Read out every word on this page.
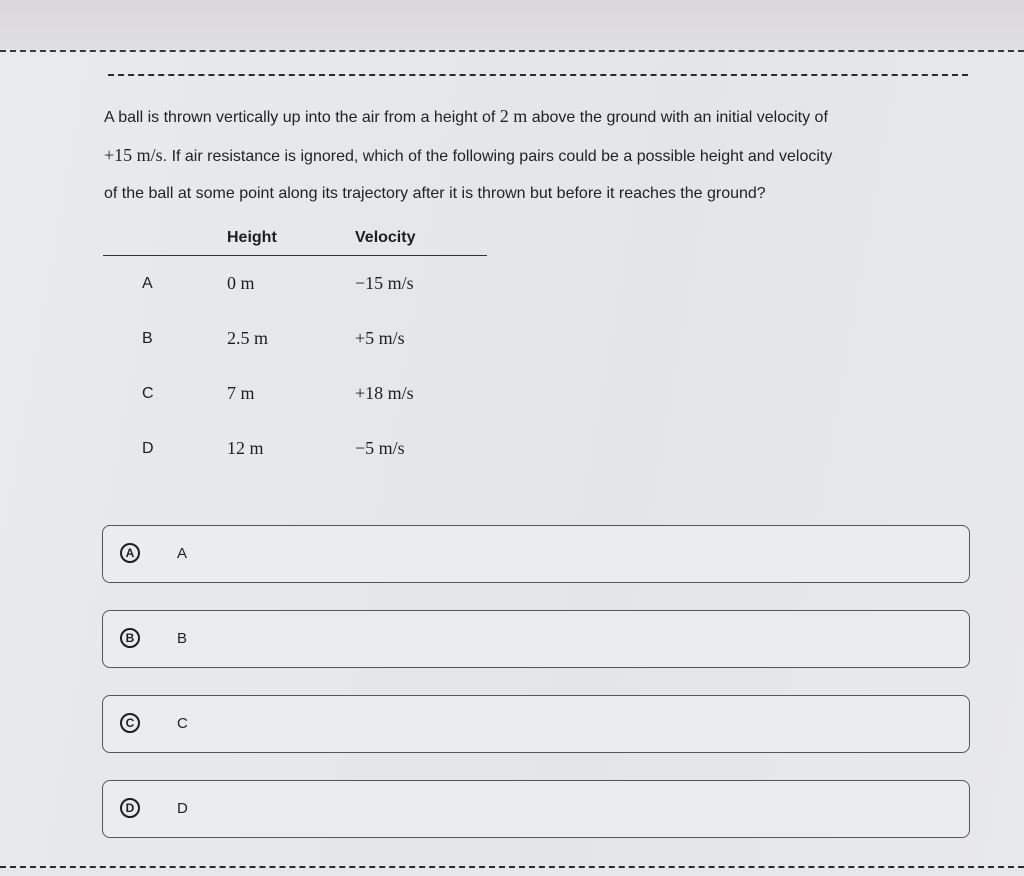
A ball is thrown vertically up into the air from a height of 2 m above the ground with an initial velocity of
+15 m/s. If air resistance is ignored, which of the following pairs could be a possible height and velocity
of the ball at some point along its trajectory after it is thrown but before it reaches the ground?
	Height	Velocity
A	0 m	−15 m/s
B	2.5 m	+5 m/s
C	7 m	+18 m/s
D	12 m	−5 m/s
A	A
B	B
C	C
D	D
